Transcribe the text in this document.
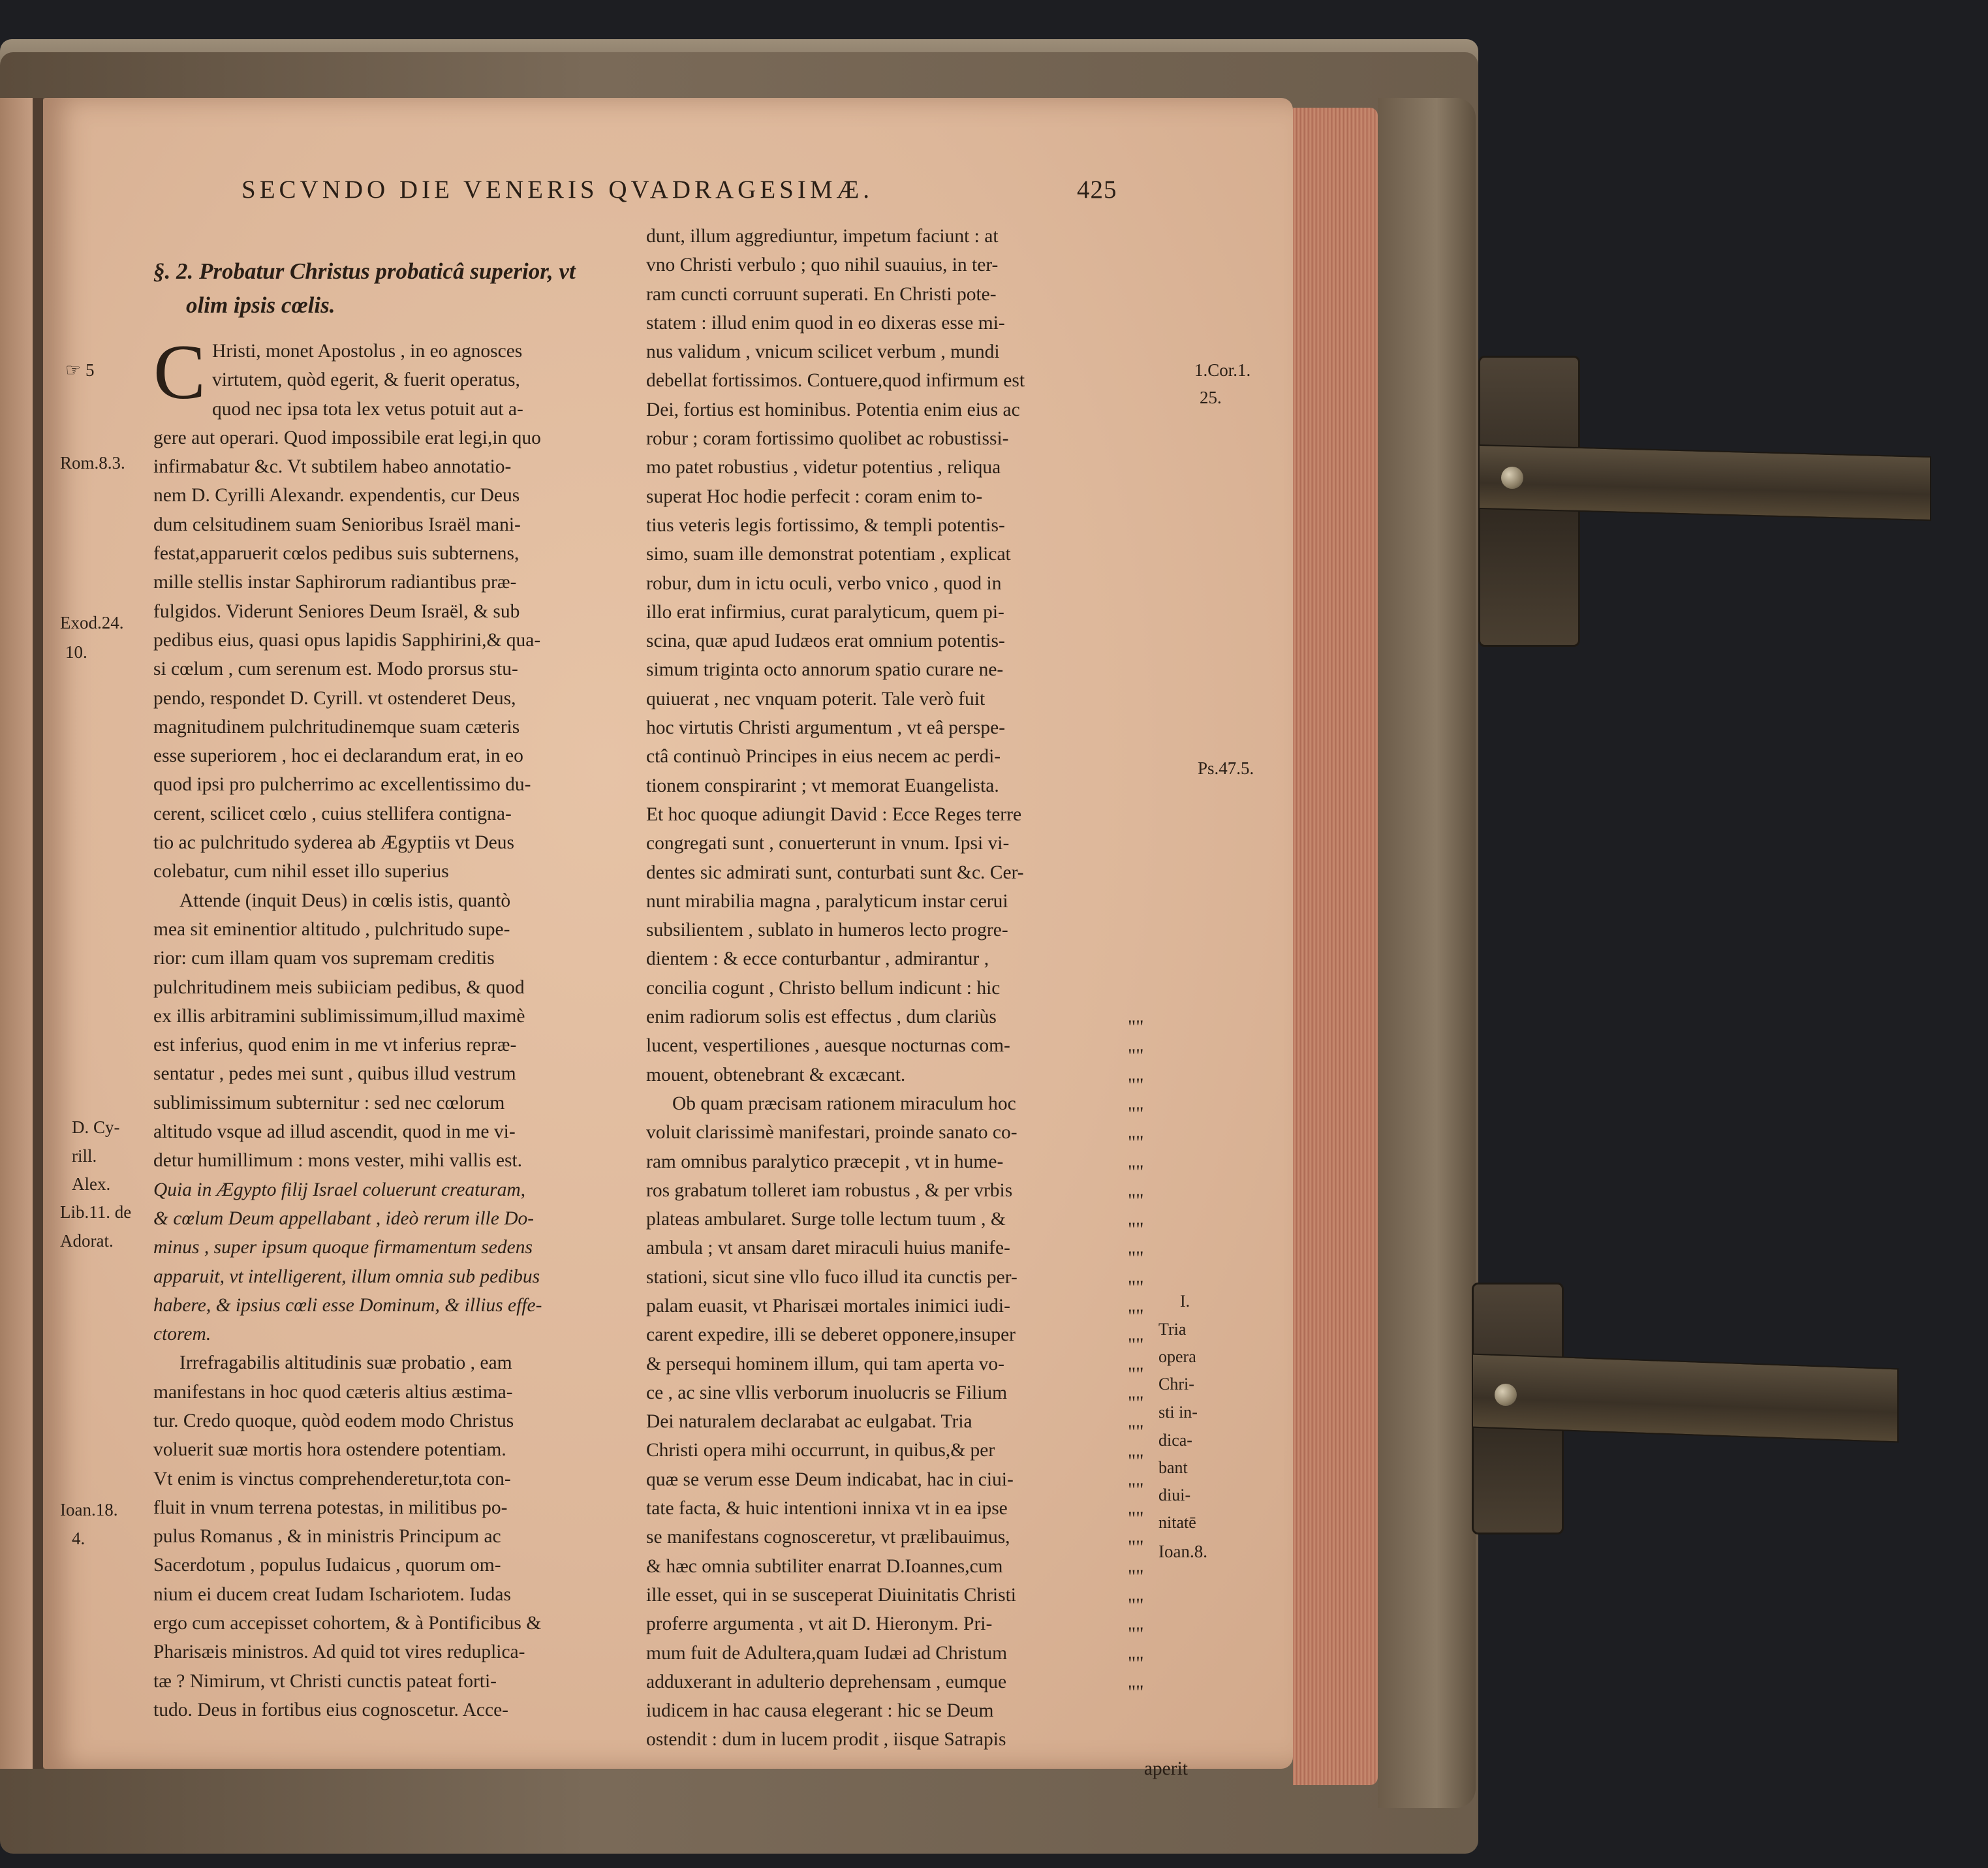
SECVNDO DIE VENERIS QVADRAGESIMÆ.	425
§. 2. Probatur Christus probaticâ superior, vt
olim ipsis cœlis.
C Hristi, monet Apostolus , in eo agnosces
virtutem, quòd egerit, & fuerit operatus,
quod nec ipsa tota lex vetus potuit aut a-
gere aut operari. Quod impossibile erat legi,in quo
infirmabatur &c. Vt subtilem habeo annotatio-
nem D. Cyrilli Alexandr. expendentis, cur Deus
dum celsitudinem suam Senioribus Israël mani-
festat,apparuerit cœlos pedibus suis subternens,
mille stellis instar Saphirorum radiantibus præ-
fulgidos. Viderunt Seniores Deum Israël, & sub
pedibus eius, quasi opus lapidis Sapphirini,& qua-
si cœlum , cum serenum est. Modo prorsus stu-
pendo, respondet D. Cyrill. vt ostenderet Deus,
magnitudinem pulchritudinemque suam cæteris
esse superiorem , hoc ei declarandum erat, in eo
quod ipsi pro pulcherrimo ac excellentissimo du-
cerent, scilicet cœlo , cuius stellifera contigna-
tio ac pulchritudo syderea ab Ægyptiis vt Deus
colebatur, cum nihil esset illo superius
Attende (inquit Deus) in cœlis istis, quantò
mea sit eminentior altitudo , pulchritudo supe-
rior: cum illam quam vos supremam creditis
pulchritudinem meis subiiciam pedibus, & quod
ex illis arbitramini sublimissimum,illud maximè
est inferius, quod enim in me vt inferius repræ-
sentatur , pedes mei sunt , quibus illud vestrum
sublimissimum subternitur : sed nec cœlorum
altitudo vsque ad illud ascendit, quod in me vi-
detur humillimum : mons vester, mihi vallis est.
Quia in Ægypto filij Israel coluerunt creaturam,
& cœlum Deum appellabant , ideò rerum ille Do-
minus , super ipsum quoque firmamentum sedens
apparuit, vt intelligerent, illum omnia sub pedibus
habere, & ipsius cœli esse Dominum, & illius effe-
ctorem.
Irrefragabilis altitudinis suæ probatio , eam
manifestans in hoc quod cæteris altius æstima-
tur. Credo quoque, quòd eodem modo Christus
voluerit suæ mortis hora ostendere potentiam.
Vt enim is vinctus comprehenderetur,tota con-
fluit in vnum terrena potestas, in militibus po-
pulus Romanus , & in ministris Principum ac
Sacerdotum , populus Iudaicus , quorum om-
nium ei ducem creat Iudam Ischariotem. Iudas
ergo cum accepisset cohortem, & à Pontificibus &
Pharisæis ministros. Ad quid tot vires reduplica-
tæ ? Nimirum, vt Christi cunctis pateat forti-
tudo. Deus in fortibus eius cognoscetur. Acce-
dunt, illum aggrediuntur, impetum faciunt : at
vno Christi verbulo ; quo nihil suauius, in ter-
ram cuncti corruunt superati. En Christi pote-
statem : illud enim quod in eo dixeras esse mi-
nus validum , vnicum scilicet verbum , mundi
debellat fortissimos. Contuere,quod infirmum est
Dei, fortius est hominibus. Potentia enim eius ac
robur ; coram fortissimo quolibet ac robustissi-
mo patet robustius , videtur potentius , reliqua
superat Hoc hodie perfecit : coram enim to-
tius veteris legis fortissimo, & templi potentis-
simo, suam ille demonstrat potentiam , explicat
robur, dum in ictu oculi, verbo vnico , quod in
illo erat infirmius, curat paralyticum, quem pi-
scina, quæ apud Iudæos erat omnium potentis-
simum triginta octo annorum spatio curare ne-
quiuerat , nec vnquam poterit. Tale verò fuit
hoc virtutis Christi argumentum , vt eâ perspe-
ctâ continuò Principes in eius necem ac perdi-
tionem conspirarint ; vt memorat Euangelista.
Et hoc quoque adiungit David : Ecce Reges terre
congregati sunt , conuerterunt in vnum. Ipsi vi-
dentes sic admirati sunt, conturbati sunt &c. Cer-
nunt mirabilia magna , paralyticum instar cerui
subsilientem , sublato in humeros lecto progre-
dientem : & ecce conturbantur , admirantur ,
concilia cogunt , Christo bellum indicunt : hic
enim radiorum solis est effectus , dum clariùs
lucent, vespertiliones , auesque nocturnas com-
mouent, obtenebrant & excæcant.
Ob quam præcisam rationem miraculum hoc
voluit clarissimè manifestari, proinde sanato co-
ram omnibus paralytico præcepit , vt in hume-
ros grabatum tolleret iam robustus , & per vrbis
plateas ambularet. Surge tolle lectum tuum , &
ambula ; vt ansam daret miraculi huius manife-
stationi, sicut sine vllo fuco illud ita cunctis per-
palam euasit, vt Pharisæi mortales inimici iudi-
carent expedire, illi se deberet opponere,insuper
& persequi hominem illum, qui tam aperta vo-
ce , ac sine vllis verborum inuolucris se Filium
Dei naturalem declarabat ac eulgabat. Tria
Christi opera mihi occurrunt, in quibus,& per
quæ se verum esse Deum indicabat, hac in ciui-
tate facta, & huic intentioni innixa vt in ea ipse
se manifestans cognosceretur, vt prælibauimus,
& hæc omnia subtiliter enarrat D.Ioannes,cum
ille esset, qui in se susceperat Diuinitatis Christi
proferre argumenta , vt ait D. Hieronym. Pri-
mum fuit de Adultera,quam Iudæi ad Christum
adduxerant in adulterio deprehensam , eumque
iudicem in hac causa elegerant : hic se Deum
ostendit : dum in lucem prodit , iisque Satrapis
aperit
☞ 5
Rom.8.3.
Exod.24.
10.
D. Cy-
rill.
Alex.
Lib.11. de
Adorat.
Ioan.18.
4.
1.Cor.1.
25.
Ps.47.5.
I.
Tria
opera
Chri-
sti in-
dica-
bant
diui-
nitatē
Ioan.8.
""
""
""
""
""
""
""
""
""
""
""
""
""
""
""
""
""
""
""
""
""
""
""
""
